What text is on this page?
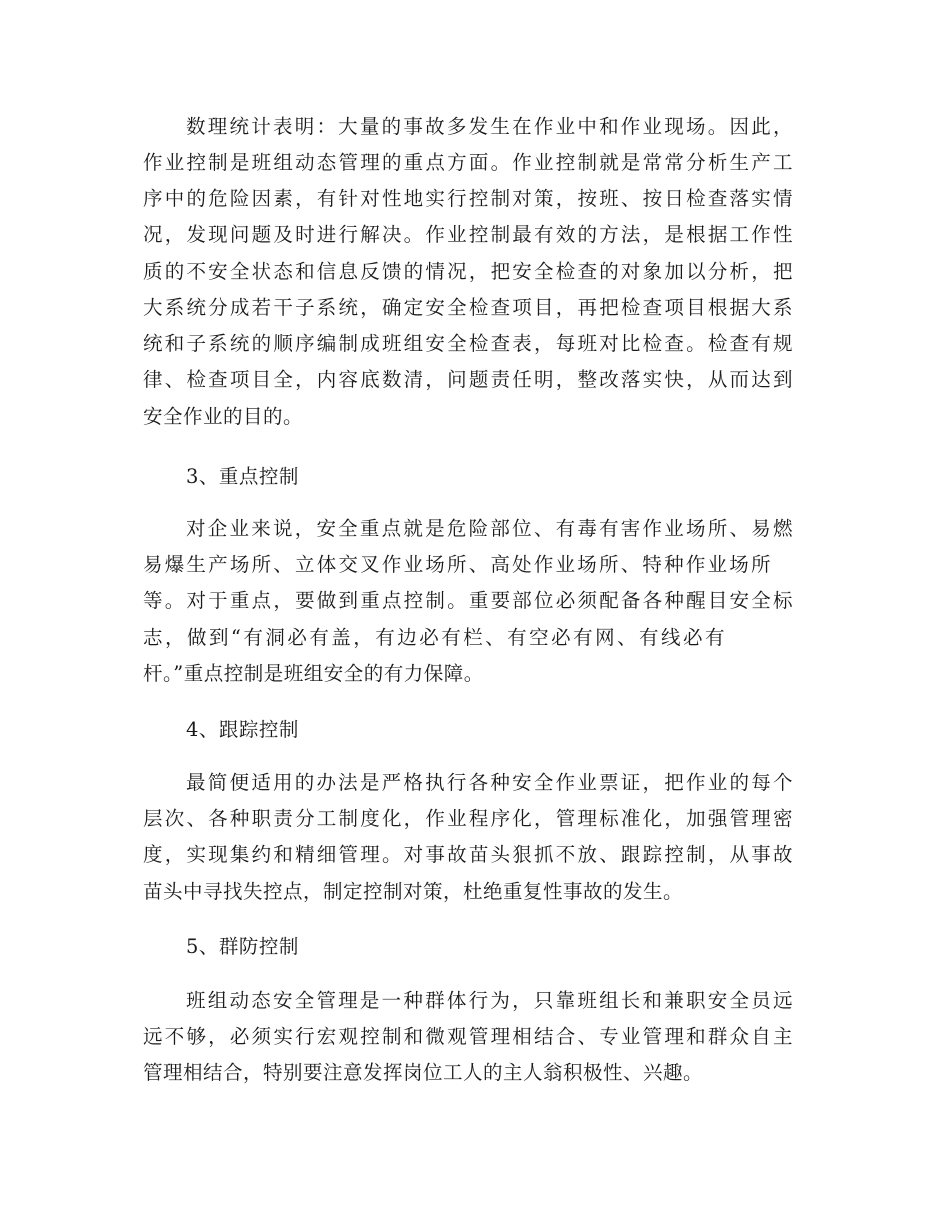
数理统计表明：大量的事故多发生在作业中和作业现场。因此，
作业控制是班组动态管理的重点方面。作业控制就是常常分析生产工
序中的危险因素，有针对性地实行控制对策，按班、按日检查落实情
况，发现问题及时进行解决。作业控制最有效的方法，是根据工作性
质的不安全状态和信息反馈的情况，把安全检查的对象加以分析，把
大系统分成若干子系统，确定安全检查项目，再把检查项目根据大系
统和子系统的顺序编制成班组安全检查表，每班对比检查。检查有规
律、检查项目全，内容底数清，问题责任明，整改落实快，从而达到
安全作业的目的。
3、重点控制
对企业来说，安全重点就是危险部位、有毒有害作业场所、易燃
易爆生产场所、立体交叉作业场所、高处作业场所、特种作业场所
等。对于重点，要做到重点控制。重要部位必须配备各种醒目安全标
志，做到“有洞必有盖，有边必有栏、有空必有网、有线必有
杆。”重点控制是班组安全的有力保障。
4、跟踪控制
最简便适用的办法是严格执行各种安全作业票证，把作业的每个
层次、各种职责分工制度化，作业程序化，管理标准化，加强管理密
度，实现集约和精细管理。对事故苗头狠抓不放、跟踪控制，从事故
苗头中寻找失控点，制定控制对策，杜绝重复性事故的发生。
5、群防控制
班组动态安全管理是一种群体行为，只靠班组长和兼职安全员远
远不够，必须实行宏观控制和微观管理相结合、专业管理和群众自主
管理相结合，特别要注意发挥岗位工人的主人翁积极性、兴趣。
